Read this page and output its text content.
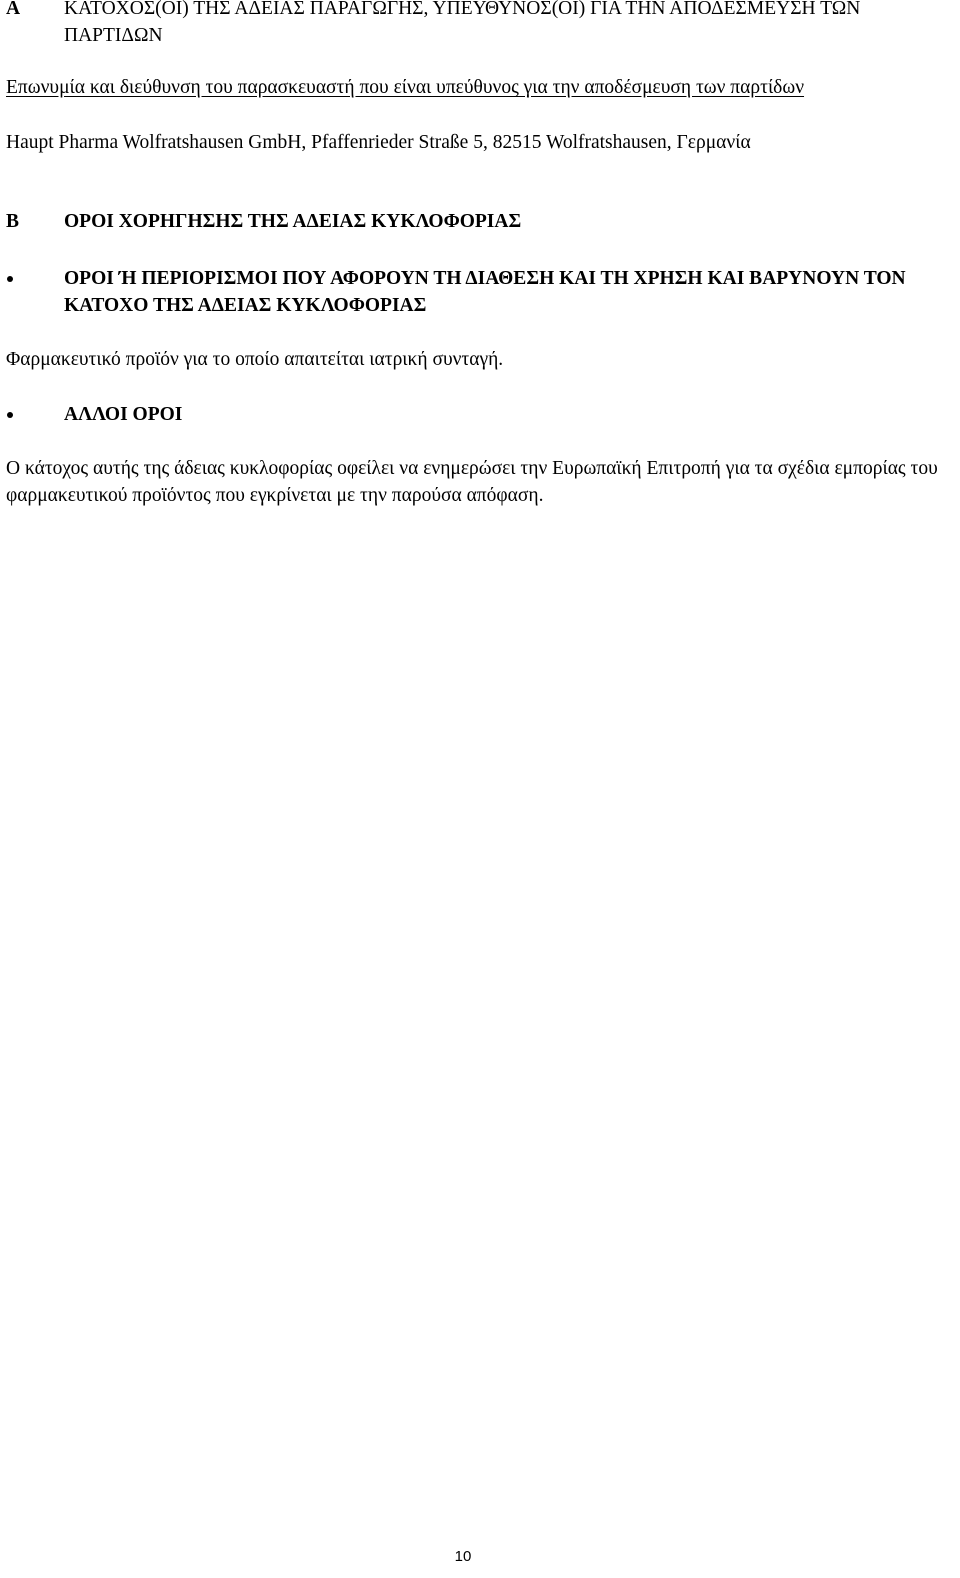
A	ΚΑΤΟΧΟΣ(ΟΙ) ΤΗΣ ΑΔΕΙΑΣ ΠΑΡΑΓΩΓΗΣ, ΥΠΕΥΘΥΝΟΣ(ΟΙ) ΓΙΑ ΤΗΝ ΑΠΟΔΕΣΜΕΥΣΗ ΤΩΝ ΠΑΡΤΙΔΩΝ
Επωνυμία και διεύθυνση του παρασκευαστή που είναι υπεύθυνος για την αποδέσμευση των παρτίδων
Haupt Pharma Wolfratshausen GmbH, Pfaffenrieder Straße 5, 82515 Wolfratshausen, Γερμανία
B	ΟΡΟΙ ΧΟΡΗΓΗΣΗΣ ΤΗΣ ΑΔΕΙΑΣ ΚΥΚΛΟΦΟΡΙΑΣ
ΟΡΟΙ Ή ΠΕΡΙΟΡΙΣΜΟΙ ΠΟΥ ΑΦΟΡΟΥΝ ΤΗ ΔΙΑΘΕΣΗ ΚΑΙ ΤΗ ΧΡΗΣΗ ΚΑΙ ΒΑΡΥΝΟΥΝ ΤΟΝ ΚΑΤΟΧΟ ΤΗΣ ΑΔΕΙΑΣ ΚΥΚΛΟΦΟΡΙΑΣ
Φαρμακευτικό προϊόν για το οποίο απαιτείται ιατρική συνταγή.
ΑΛΛΟΙ ΟΡΟΙ
Ο κάτοχος αυτής της άδειας κυκλοφορίας οφείλει να ενημερώσει την Ευρωπαϊκή Επιτροπή για τα σχέδια εμπορίας του φαρμακευτικού προϊόντος που εγκρίνεται με την παρούσα απόφαση.
10
